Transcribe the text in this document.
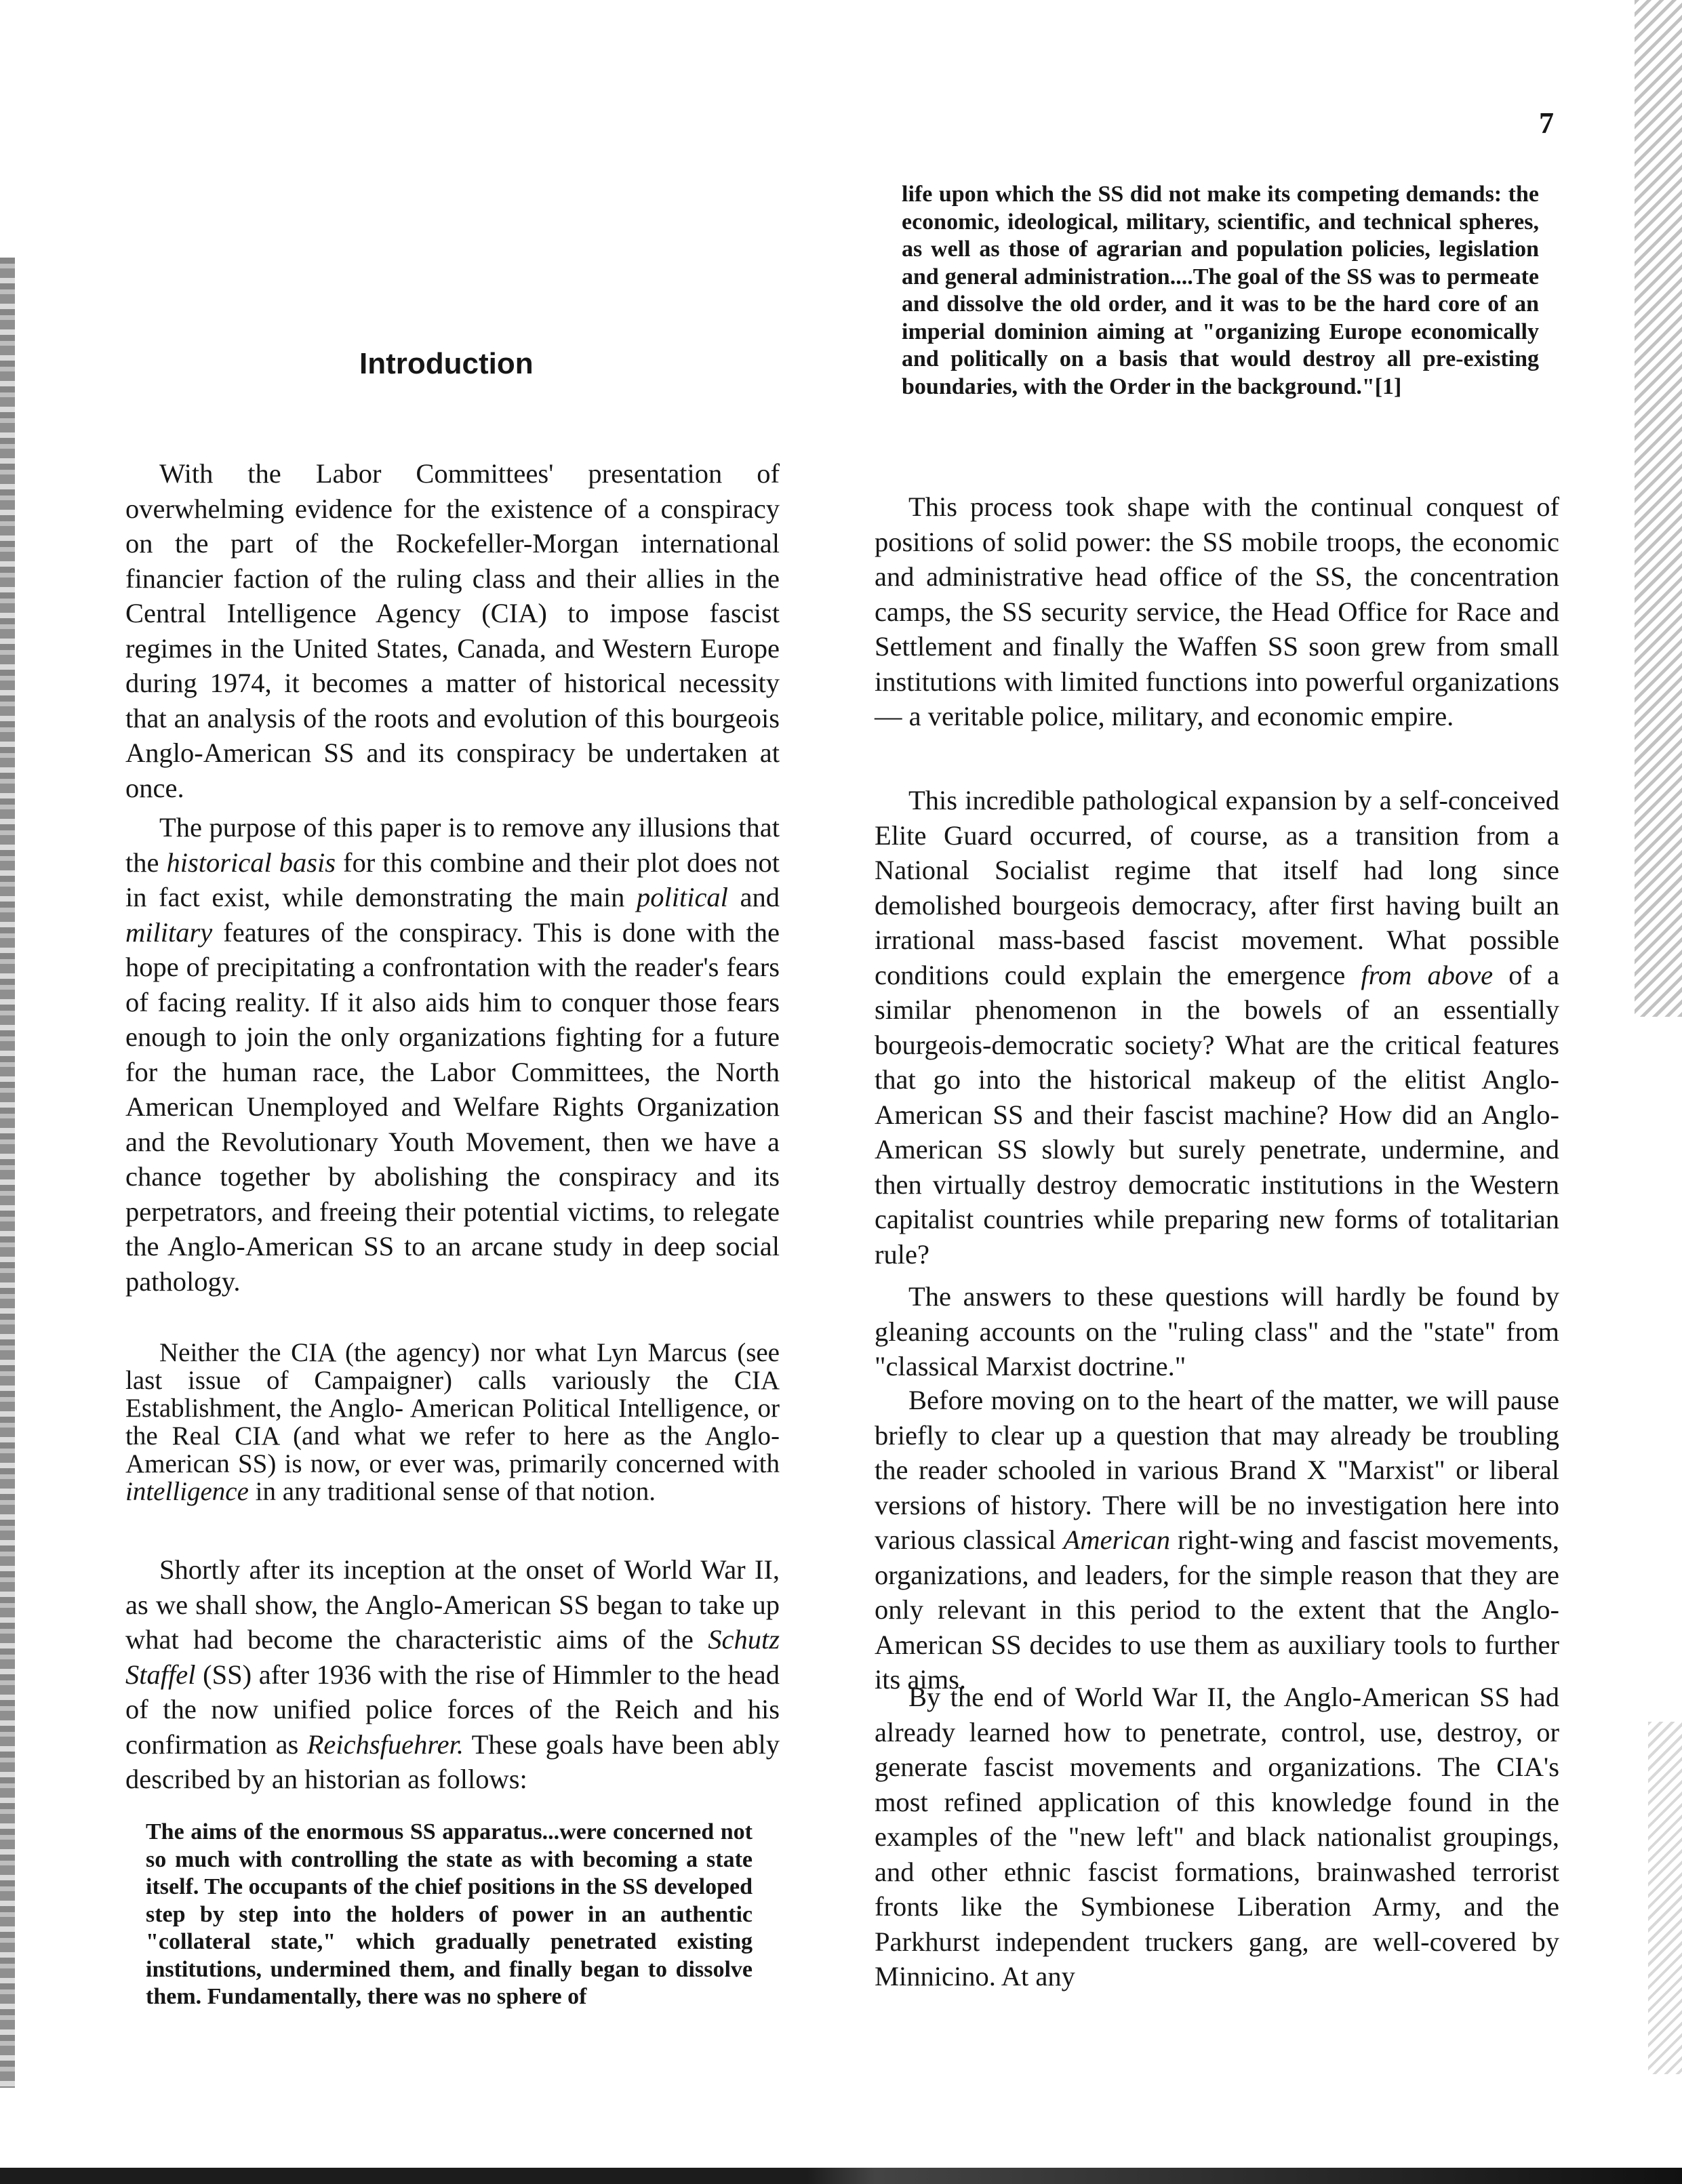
7

Introduction

With the Labor Committees' presentation of overwhelming evidence for the existence of a conspiracy on the part of the Rockefeller-Morgan international financier faction of the ruling class and their allies in the Central Intelligence Agency (CIA) to impose fascist regimes in the United States, Canada, and Western Europe during 1974, it becomes a matter of historical necessity that an analysis of the roots and evolution of this bourgeois Anglo-American SS and its conspiracy be undertaken at once.

The purpose of this paper is to remove any illusions that the historical basis for this combine and their plot does not in fact exist, while demonstrating the main political and military features of the conspiracy. This is done with the hope of precipitating a confrontation with the reader's fears of facing reality. If it also aids him to conquer those fears enough to join the only organizations fighting for a future for the human race, the Labor Committees, the North American Unemployed and Welfare Rights Organization and the Revolutionary Youth Movement, then we have a chance together by abolishing the conspiracy and its perpetrators, and freeing their potential victims, to relegate the Anglo-American SS to an arcane study in deep social pathology.

Neither the CIA (the agency) nor what Lyn Marcus (see last issue of Campaigner) calls variously the CIA Establishment, the Anglo- American Political Intelligence, or the Real CIA (and what we refer to here as the Anglo-American SS) is now, or ever was, primarily concerned with intelligence in any traditional sense of that notion.

Shortly after its inception at the onset of World War II, as we shall show, the Anglo-American SS began to take up what had become the characteristic aims of the Schutz Staffel (SS) after 1936 with the rise of Himmler to the head of the now unified police forces of the Reich and his confirmation as Reichsfuehrer. These goals have been ably described by an historian as follows:

The aims of the enormous SS apparatus...were concerned not so much with controlling the state as with becoming a state itself. The occupants of the chief positions in the SS developed step by step into the holders of power in an authentic "collateral state," which gradually penetrated existing institutions, undermined them, and finally began to dissolve them. Fundamentally, there was no sphere of

life upon which the SS did not make its competing demands: the economic, ideological, military, scientific, and technical spheres, as well as those of agrarian and population policies, legislation and general administration....The goal of the SS was to permeate and dissolve the old order, and it was to be the hard core of an imperial dominion aiming at "organizing Europe economically and politically on a basis that would destroy all pre-existing boundaries, with the Order in the background."[1]

This process took shape with the continual conquest of positions of solid power: the SS mobile troops, the economic and administrative head office of the SS, the concentration camps, the SS security service, the Head Office for Race and Settlement and finally the Waffen SS soon grew from small institutions with limited functions into powerful organizations — a veritable police, military, and economic empire.

This incredible pathological expansion by a self-conceived Elite Guard occurred, of course, as a transition from a National Socialist regime that itself had long since demolished bourgeois democracy, after first having built an irrational mass-based fascist movement. What possible conditions could explain the emergence from above of a similar phenomenon in the bowels of an essentially bourgeois-democratic society? What are the critical features that go into the historical makeup of the elitist Anglo-American SS and their fascist machine? How did an Anglo-American SS slowly but surely penetrate, undermine, and then virtually destroy democratic institutions in the Western capitalist countries while preparing new forms of totalitarian rule?

The answers to these questions will hardly be found by gleaning accounts on the "ruling class" and the "state" from "classical Marxist doctrine."

Before moving on to the heart of the matter, we will pause briefly to clear up a question that may already be troubling the reader schooled in various Brand X "Marxist" or liberal versions of history. There will be no investigation here into various classical American right-wing and fascist movements, organizations, and leaders, for the simple reason that they are only relevant in this period to the extent that the Anglo-American SS decides to use them as auxiliary tools to further its aims.

By the end of World War II, the Anglo-American SS had already learned how to penetrate, control, use, destroy, or generate fascist movements and organizations. The CIA's most refined application of this knowledge found in the examples of the "new left" and black nationalist groupings, and other ethnic fascist formations, brainwashed terrorist fronts like the Symbionese Liberation Army, and the Parkhurst independent truckers gang, are well-covered by Minnicino. At any
